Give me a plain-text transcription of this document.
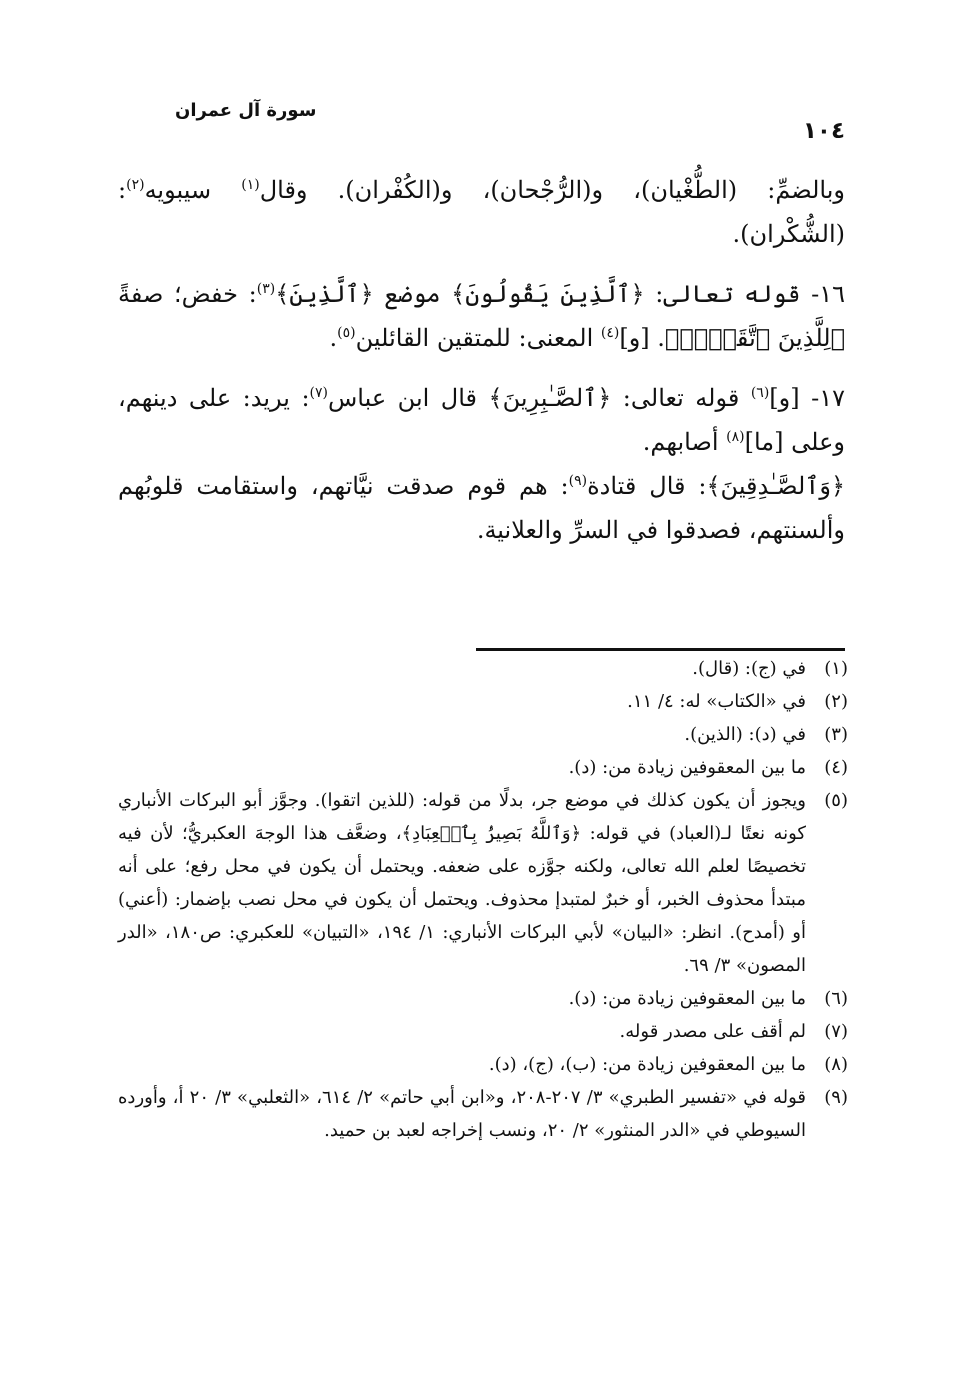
سورة آل عمران
١٠٤

وبالضمِّ: (الطُّغْيان)، و(الرُّجْحان)، و(الكُفْران). وقال$^{(١)}$ سيبويه$^{(٢)}$: (الشُّكْران).

١٦- قوله تعالى: ﴿ٱلَّذِينَ يَقُولُونَ﴾ موضع ﴿ٱلَّذِينَ﴾$^{(٣)}$: خفض؛ صفةً ﴿لِلَّذِينَ ٱتَّقَوۡا۟﴾. [و]$^{(٤)}$ المعنى: للمتقين القائلين$^{(٥)}$.

١٧- [و]$^{(٦)}$ قوله تعالى: ﴿ٱلصَّـٰبِرِينَ﴾ قال ابن عباس$^{(٧)}$: يريد: على دينهم، وعلى [ما]$^{(٨)}$ أصابهم.

﴿وَٱلصَّـٰدِقِينَ﴾: قال قتادة$^{(٩)}$: هم قوم صدقت نيَّاتهم، واستقامت قلوبُهم وألسنتهم، فصدقوا في السرِّ والعلانية.

(١)
في (ج): (قال).
(٢)
في «الكتاب» له: ٤/ ١١.
(٣)
في (د): (الذين).
(٤)
ما بين المعقوفين زيادة من: (د).
(٥)
ويجوز أن يكون كذلك في موضع جر، بدلًا من قوله: (للذين اتقوا). وجوَّز أبو البركات الأنباري كونه نعتًا لـ(العباد) في قوله: ﴿وَٱللَّهُ بَصِيرُۢ بِٱلۡعِبَادِ﴾، وضعَّف هذا الوجهَ العكبريُّ؛ لأن فيه تخصيصًا لعلم الله تعالى، ولكنه جوَّزه على ضعفه. ويحتمل أن يكون في محل رفع؛ على أنه مبتدأ محذوف الخبر، أو خبرٌ لمتبدإ محذوف. ويحتمل أن يكون في محل نصب بإضمار: (أعني) أو (أمدح). انظر: «البيان» لأبي البركات الأنباري: ١/ ١٩٤، «التبيان» للعكبري: ص١٨٠، «الدر المصون» ٣/ ٦٩.
(٦)
ما بين المعقوفين زيادة من: (د).
(٧)
لم أقف على مصدر قوله.
(٨)
ما بين المعقوفين زيادة من: (ب)، (ج)، (د).
(٩)
قوله في «تفسير الطبري» ٣/ ٢٠٧-٢٠٨، و«ابن أبي حاتم» ٢/ ٦١٤، «الثعلبي» ٣/ ٢٠ أ، وأورده السيوطي في «الدر المنثور» ٢/ ٢٠، ونسب إخراجه لعبد بن حميد.
